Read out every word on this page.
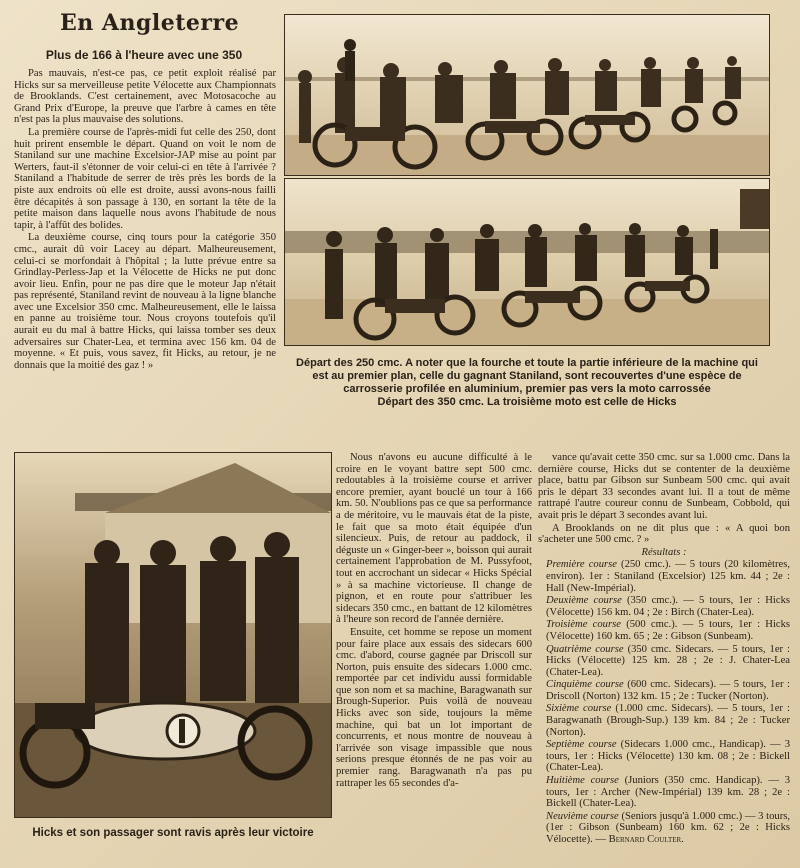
En Angleterre
Plus de 166 à l'heure avec une 350

Pas mauvais, n'est-ce pas, ce petit exploit réalisé par Hicks sur sa merveilleuse petite Vélocette aux Championnats de Brooklands. C'est certainement, avec Motosacoche au Grand Prix d'Europe, la preuve que l'arbre à cames en tête n'est pas la plus mauvaise des solutions.

La première course de l'après-midi fut celle des 250, dont huit prirent ensemble le départ. Quand on voit le nom de Staniland sur une machine Excelsior-JAP mise au point par Werters, faut-il s'étonner de voir celui-ci en tête à l'arrivée ? Staniland a l'habitude de serrer de très près les bords de la piste aux endroits où elle est droite, aussi avons-nous failli être décapités à son passage à 130, en sortant la tête de la petite maison dans laquelle nous avons l'habitude de nous tapir, à l'affût des bolides.

La deuxième course, cinq tours pour la catégorie 350 cmc., aurait dû voir Lacey au départ. Malheureusement, celui-ci se morfondait à l'hôpital ; la lutte prévue entre sa Grindlay-Perless-Jap et la Vélocette de Hicks ne put donc avoir lieu. Enfin, pour ne pas dire que le moteur Jap n'était pas représenté, Staniland revint de nouveau à la ligne blanche avec une Excelsior 350 cmc. Malheureusement, elle le laissa en panne au troisième tour. Nous croyons toutefois qu'il aurait eu du mal à battre Hicks, qui laissa tomber ses deux adversaires sur Chater-Lea, et termina avec 156 km. 04 de moyenne. « Et puis, vous savez, fit Hicks, au retour, je ne donnais que la moitié des gaz ! »	Départ des 250 cmc. A noter que la fourche et toute la partie inférieure de la machine qui est au premier plan, celle du gagnant Staniland, sont recouvertes d'une espèce de carrosserie profilée en aluminium, premier pas vers la moto carrossée
Départ des 350 cmc. La troisième moto est celle de Hicks
Hicks et son passager sont ravis après leur victoire

Nous n'avons eu aucune difficulté à le croire en le voyant battre sept 500 cmc. redoutables à la troisième course et arriver encore premier, ayant bouclé un tour à 166 km. 50. N'oublions pas ce que sa performance a de méritoire, vu le mauvais état de la piste, le fait que sa moto était équipée d'un silencieux. Puis, de retour au paddock, il déguste un « Ginger-beer », boisson qui aurait certainement l'approbation de M. Pussyfoot, tout en accrochant un sidecar « Hicks Spécial » à sa machine victorieuse. Il change de pignon, et en route pour s'attribuer les sidecars 350 cmc., en battant de 12 kilomètres à l'heure son record de l'année dernière.

Ensuite, cet homme se repose un moment pour faire place aux essais des sidecars 600 cmc. d'abord, course gagnée par Driscoll sur Norton, puis ensuite des sidecars 1.000 cmc. remportée par cet individu aussi formidable que son nom et sa machine, Baragwanath sur Brough-Superior. Puis voilà de nouveau Hicks avec son side, toujours la même machine, qui bat un lot important de concurrents, et nous montre de nouveau à l'arrivée son visage impassible que nous serions presque étonnés de ne pas voir au premier rang. Baragwanath n'a pas pu rattraper les 65 secondes d'a-

vance qu'avait cette 350 cmc. sur sa 1.000 cmc. Dans la dernière course, Hicks dut se contenter de la deuxième place, battu par Gibson sur Sunbeam 500 cmc. qui avait pris le départ 33 secondes avant lui. Il a tout de même rattrapé l'autre coureur connu de Sunbeam, Cobbold, qui avait pris le départ 3 secondes avant lui.

A Brooklands on ne dit plus que : « A quoi bon s'acheter une 500 cmc. ? »

Résultats :

Première course (250 cmc.). — 5 tours (20 kilomètres, environ). 1er : Staniland (Excelsior) 125 km. 44 ; 2e : Hall (New-Impérial).

Deuxième course (350 cmc.). — 5 tours, 1er : Hicks (Vélocette) 156 km. 04 ; 2e : Birch (Chater-Lea).

Troisième course (500 cmc.). — 5 tours, 1er : Hicks (Vélocette) 160 km. 65 ; 2e : Gibson (Sunbeam).

Quatrième course (350 cmc. Sidecars. — 5 tours, 1er : Hicks (Vélocette) 125 km. 28 ; 2e : J. Chater-Lea (Chater-Lea).

Cinquième course (600 cmc. Sidecars). — 5 tours, 1er : Driscoll (Norton) 132 km. 15 ; 2e : Tucker (Norton).

Sixième course (1.000 cmc. Sidecars). — 5 tours, 1er : Baragwanath (Brough-Sup.) 139 km. 84 ; 2e : Tucker (Norton).

Septième course (Sidecars 1.000 cmc., Handicap). — 3 tours, 1er : Hicks (Vélocette) 130 km. 08 ; 2e : Bickell (Chater-Lea).

Huitième course (Juniors (350 cmc. Handicap). — 3 tours, 1er : Archer (New-Impérial) 139 km. 28 ; 2e : Bickell (Chater-Lea).

Neuvième course (Seniors jusqu'à 1.000 cmc.) — 3 tours, (1er : Gibson (Sunbeam) 160 km. 62 ; 2e : Hicks Vélocette). — Bernard Coulter.
